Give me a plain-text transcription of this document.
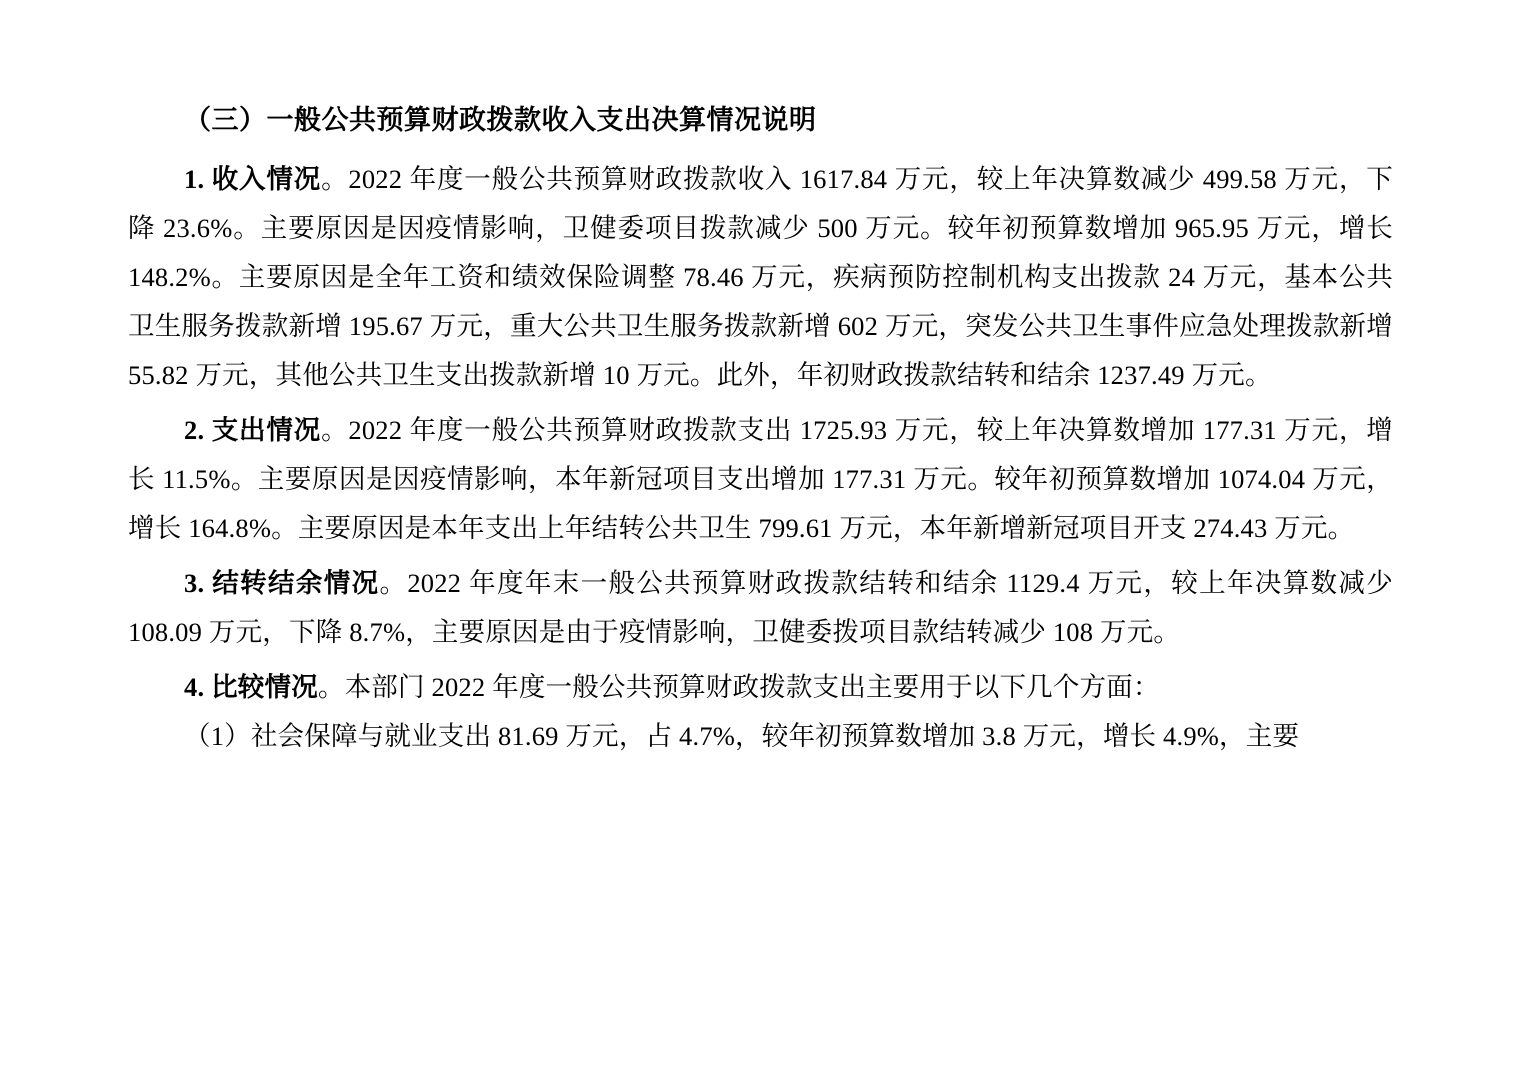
（三）一般公共预算财政拨款收入支出决算情况说明

1. 收入情况。2022 年度一般公共预算财政拨款收入 1617.84 万元，较上年决算数减少 499.58 万元，下降 23.6%。主要原因是因疫情影响，卫健委项目拨款减少 500 万元。较年初预算数增加 965.95 万元，增长 148.2%。主要原因是全年工资和绩效保险调整 78.46 万元，疾病预防控制机构支出拨款 24 万元，基本公共卫生服务拨款新增 195.67 万元，重大公共卫生服务拨款新增 602 万元，突发公共卫生事件应急处理拨款新增 55.82 万元，其他公共卫生支出拨款新增 10 万元。此外，年初财政拨款结转和结余 1237.49 万元。

2. 支出情况。2022 年度一般公共预算财政拨款支出 1725.93 万元，较上年决算数增加 177.31 万元，增长 11.5%。主要原因是因疫情影响，本年新冠项目支出增加 177.31 万元。较年初预算数增加 1074.04 万元，增长 164.8%。主要原因是本年支出上年结转公共卫生 799.61 万元，本年新增新冠项目开支 274.43 万元。

3. 结转结余情况。2022 年度年末一般公共预算财政拨款结转和结余 1129.4 万元，较上年决算数减少 108.09 万元，下降 8.7%，主要原因是由于疫情影响，卫健委拨项目款结转减少 108 万元。

4. 比较情况。本部门 2022 年度一般公共预算财政拨款支出主要用于以下几个方面：

（1）社会保障与就业支出 81.69 万元，占 4.7%，较年初预算数增加 3.8 万元，增长 4.9%，主要
